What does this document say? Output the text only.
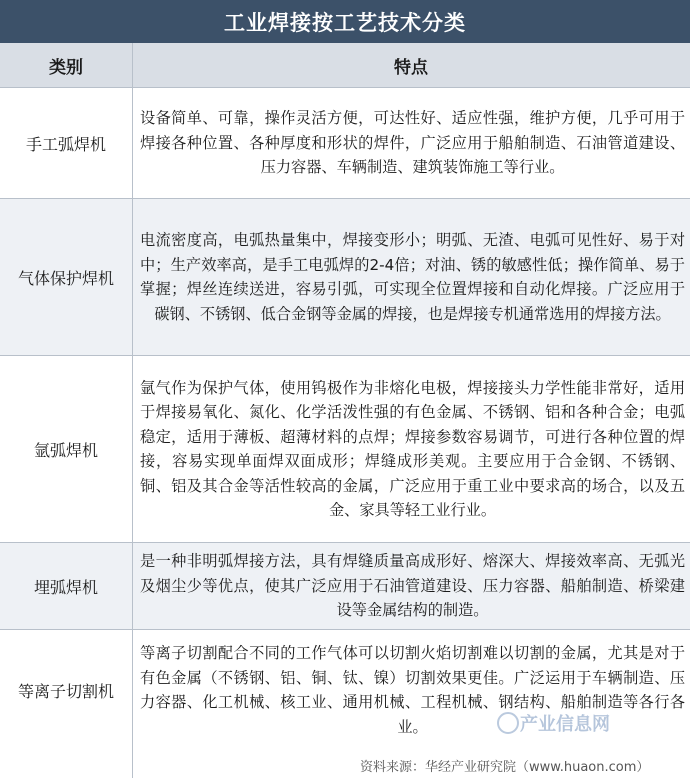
工业焊接按工艺技术分类
类别	特点
手工弧焊机
设备简单、可靠，操作灵活方便，可达性好、适应性强，维护方便，几乎可用于焊接各种位置、各种厚度和形状的焊件，广泛应用于船舶制造、石油管道建设、压力容器、车辆制造、建筑装饰施工等行业。
气体保护焊机
电流密度高，电弧热量集中，焊接变形小；明弧、无渣、电弧可见性好、易于对中；生产效率高，是手工电弧焊的2-4倍；对油、锈的敏感性低；操作简单、易于掌握；焊丝连续送进，容易引弧，可实现全位置焊接和自动化焊接。广泛应用于碳钢、不锈钢、低合金钢等金属的焊接，也是焊接专机通常选用的焊接方法。
氩弧焊机
氩气作为保护气体，使用钨极作为非熔化电极，焊接接头力学性能非常好，适用于焊接易氧化、氮化、化学活泼性强的有色金属、不锈钢、铝和各种合金；电弧稳定，适用于薄板、超薄材料的点焊；焊接参数容易调节，可进行各种位置的焊接，容易实现单面焊双面成形；焊缝成形美观。主要应用于合金钢、不锈钢、铜、铝及其合金等活性较高的金属，广泛应用于重工业中要求高的场合，以及五金、家具等轻工业行业。
埋弧焊机
是一种非明弧焊接方法，具有焊缝质量高成形好、熔深大、焊接效率高、无弧光及烟尘少等优点，使其广泛应用于石油管道建设、压力容器、船舶制造、桥梁建设等金属结构的制造。
等离子切割机
等离子切割配合不同的工作气体可以切割火焰切割难以切割的金属，尤其是对于有色金属（不锈钢、铝、铜、钛、镍）切割效果更佳。广泛运用于车辆制造、压力容器、化工机械、核工业、通用机械、工程机械、钢结构、船舶制造等各行各业。	产业信息网
资料来源：华经产业研究院（www.huaon.com）
